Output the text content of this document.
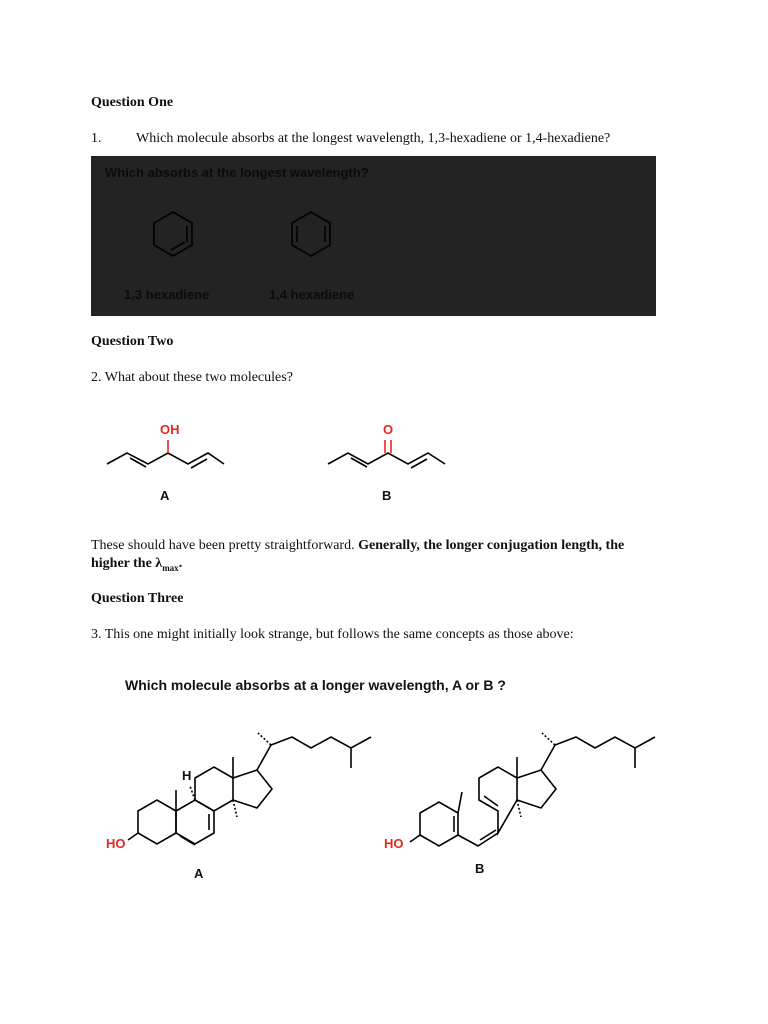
Question One
1. Which molecule absorbs at the longest wavelength, 1,3-hexadiene or 1,4-hexadiene?
Which absorbs at the longest wavelength?
1,3 hexadiene	1,4 hexadiene
Question Two
2. What about these two molecules?
OH
A
O
B
These should have been pretty straightforward. Generally, the longer conjugation length, the
higher the $\lambda_{max}$.
Question Three
3. This one might initially look strange, but follows the same concepts as those above:
Which molecule absorbs at a longer wavelength, A or B ?
HO
H
A
HO
B
